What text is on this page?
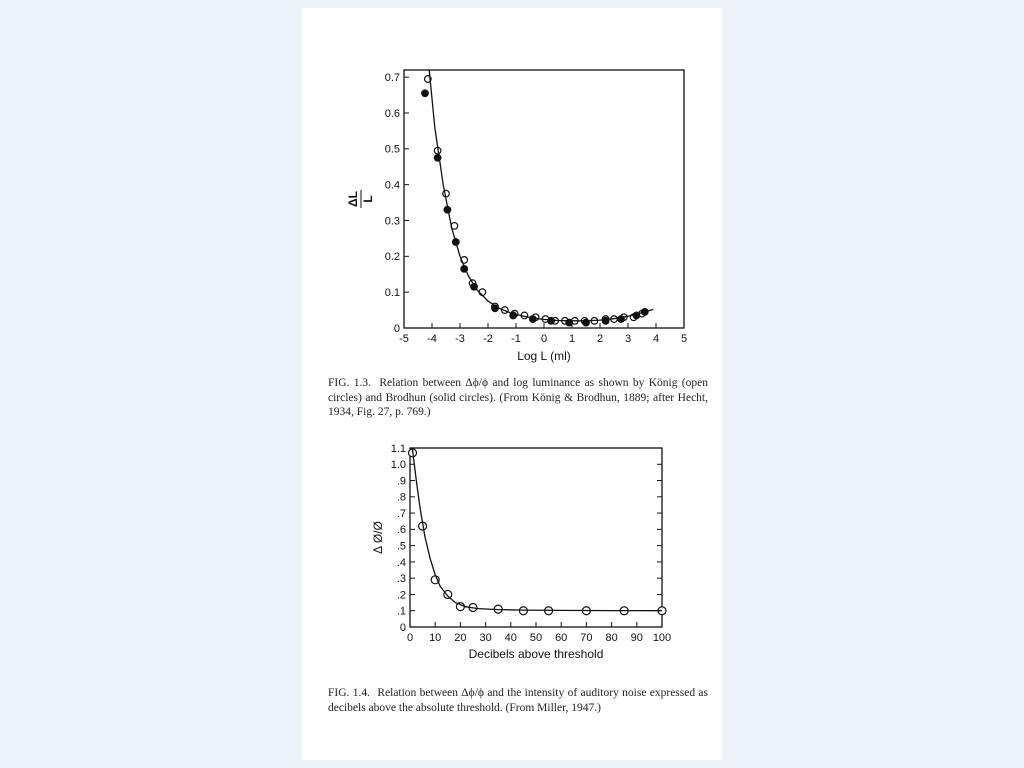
-5 -4 -3 -2 -1 0 1 2 3 4 5
0
0.1
0.2
0.3
0.4
0.5
0.6
0.7
Log L (ml)
ΔL L
FIG. 1.3. Relation between Δϕ/ϕ and log luminance as shown by König (open circles) and Brodhun (solid circles). (From König & Brodhun, 1889; after Hecht, 1934, Fig. 27, p. 769.)
0 10 20 30 40 50 60 70 80 90 100
0
.1
.2
.3
.4
.5
.6
.7
.8
.9
1.0
1.1
Decibels above threshold
Δ Ø/Ø
FIG. 1.4. Relation between Δϕ/ϕ and the intensity of auditory noise expressed as decibels above the absolute threshold. (From Miller, 1947.)
